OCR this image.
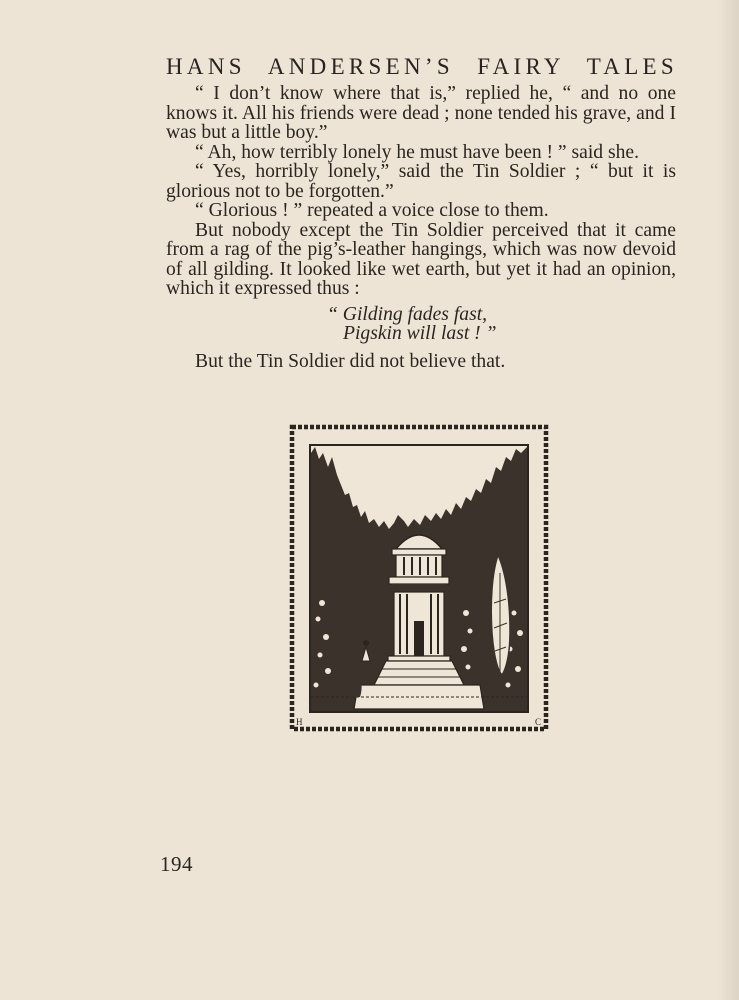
HANS ANDERSEN’S FAIRY TALES

“ I don’t know where that is,” replied he, “ and no one knows it. All his friends were dead ; none tended his grave, and I was but a little boy.”

“ Ah, how terribly lonely he must have been ! ” said she.

“ Yes, horribly lonely,” said the Tin Soldier ; “ but it is glorious not to be forgotten.”

“ Glorious ! ” repeated a voice close to them.

But nobody except the Tin Soldier perceived that it came from a rag of the pig’s-leather hangings, which was now devoid of all gilding. It looked like wet earth, but yet it had an opinion, which it expressed thus :

“ Gilding fades fast,
Pigskin will last ! ”

But the Tin Soldier did not believe that.

H	C
194
